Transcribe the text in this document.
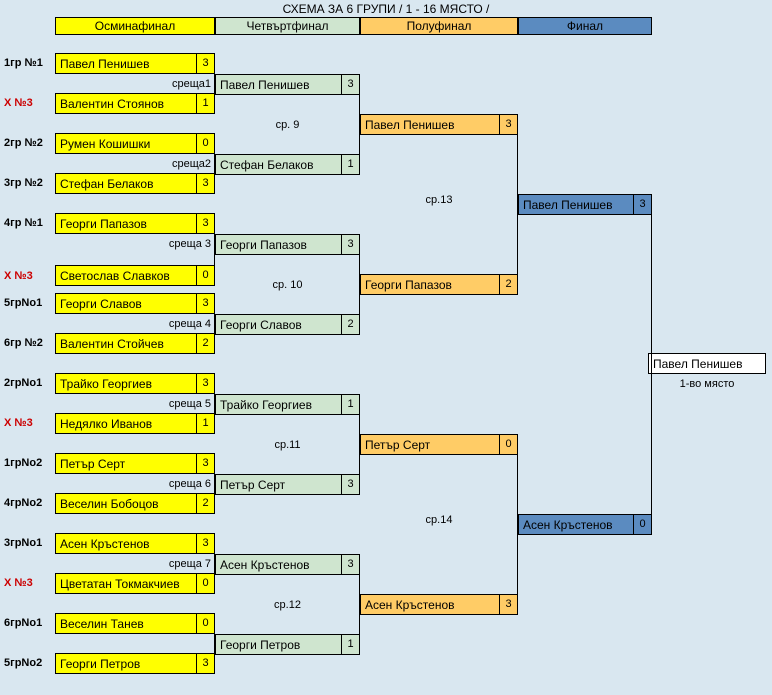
СХЕМА ЗА 6 ГРУПИ / 1 - 16 МЯСТО /
Осминафинал	Четвъртфинал	Полуфинал	Финал
1гр №1
Х №3
2гр №2
3гр №2
4гр №1
Х №3
5грNo1
6гр №2
2грNo1
Х №3
1грNo2
4грNo2
3грNo1
Х №3
6грNo1
5грNo2
Павел Пенишев	3
среща1
Валентин Стоянов	1
Румен Кошишки	0
среща2
Стефан Белаков	3
Георги Папазов	3
среща 3
Светослав Славков	0
Георги Славов	3
среща 4
Валентин Стойчев	2
Трайко Георгиев	3
среща 5
Недялко Иванов	1
Петър Серт	3
среща 6
Веселин Бобоцов	2
Асен Кръстенов	3
среща 7
Цветатан Токмакчиев	0
Веселин Танев	0
Георги Петров	3
Павел Пенишев	3
ср. 9
Стефан Белаков	1
Георги Папазов	3
ср. 10
Георги Славов	2
Трайко Георгиев	1
ср.11
Петър Серт	3
Асен Кръстенов	3
ср.12
Георги Петров	1
Павел Пенишев	3
ср.13
Георги Папазов	2
Петър Серт	0
ср.14
Асен Кръстенов	3
Павел Пенишев	3
Асен Кръстенов	0
Павел Пенишев
1-во място
